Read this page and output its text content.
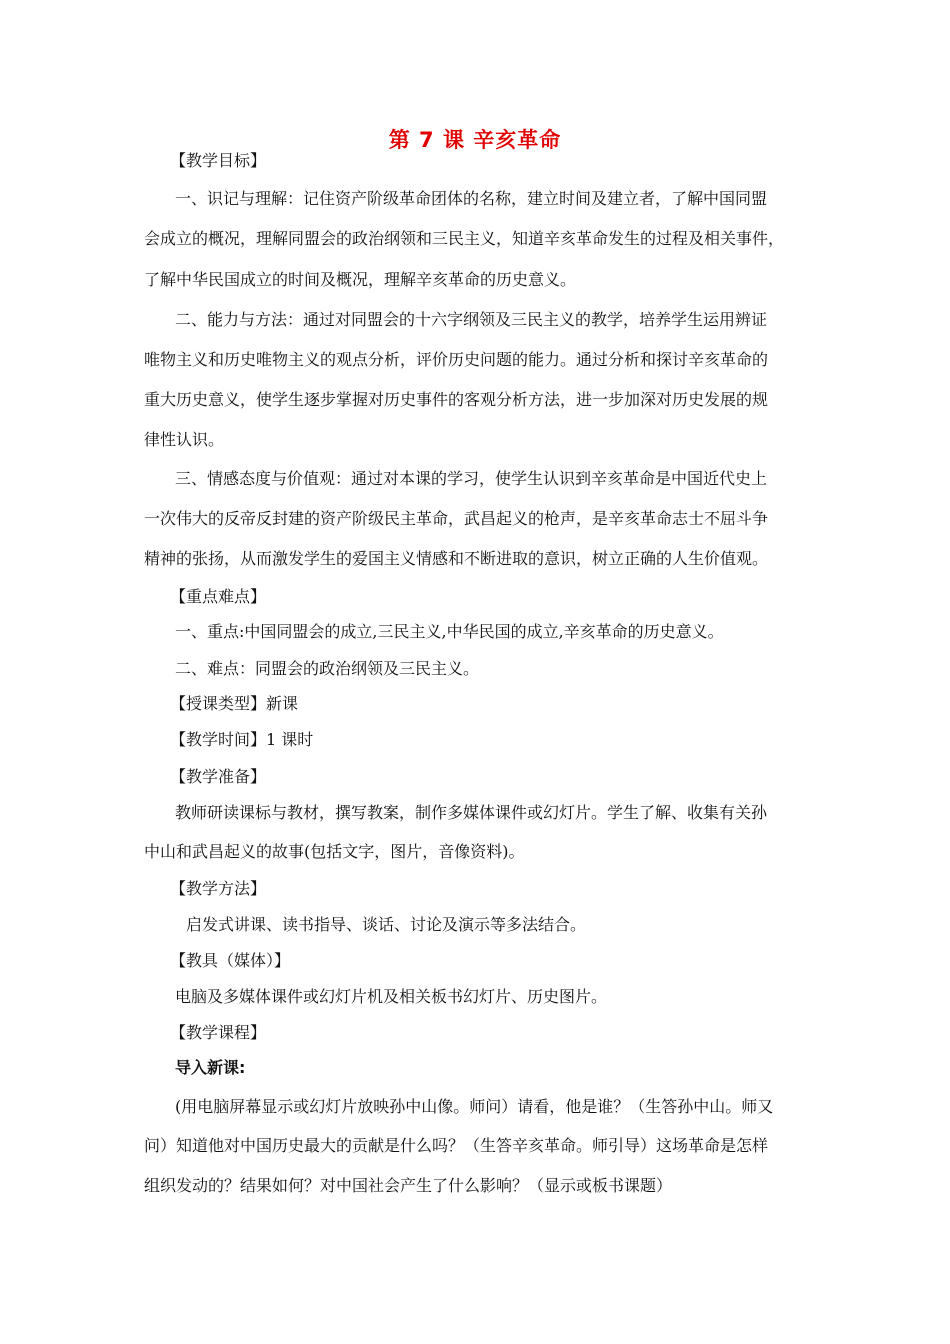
第 7 课 辛亥革命
【教学目标】
一、识记与理解：记住资产阶级革命团体的名称，建立时间及建立者，了解中国同盟
会成立的概况，理解同盟会的政治纲领和三民主义，知道辛亥革命发生的过程及相关事件，
了解中华民国成立的时间及概况，理解辛亥革命的历史意义。
二、能力与方法：通过对同盟会的十六字纲领及三民主义的教学，培养学生运用辨证
唯物主义和历史唯物主义的观点分析，评价历史问题的能力。通过分析和探讨辛亥革命的
重大历史意义，使学生逐步掌握对历史事件的客观分析方法，进一步加深对历史发展的规
律性认识。
三、情感态度与价值观：通过对本课的学习，使学生认识到辛亥革命是中国近代史上
一次伟大的反帝反封建的资产阶级民主革命，武昌起义的枪声，是辛亥革命志士不屈斗争
精神的张扬，从而激发学生的爱国主义情感和不断进取的意识，树立正确的人生价值观。
【重点难点】
一、重点:中国同盟会的成立,三民主义,中华民国的成立,辛亥革命的历史意义。
二、难点：同盟会的政治纲领及三民主义。
【授课类型】新课
【教学时间】1 课时
【教学准备】
教师研读课标与教材，撰写教案，制作多媒体课件或幻灯片。学生了解、收集有关孙
中山和武昌起义的故事(包括文字，图片，音像资料)。
【教学方法】
启发式讲课、读书指导、谈话、讨论及演示等多法结合。
【教具（媒体）】
电脑及多媒体课件或幻灯片机及相关板书幻灯片、历史图片。
【教学课程】
导入新课:
(用电脑屏幕显示或幻灯片放映孙中山像。师问）请看，他是谁？（生答孙中山。师又
问）知道他对中国历史最大的贡献是什么吗？（生答辛亥革命。师引导）这场革命是怎样
组织发动的？结果如何？对中国社会产生了什么影响？（显示或板书课题）
